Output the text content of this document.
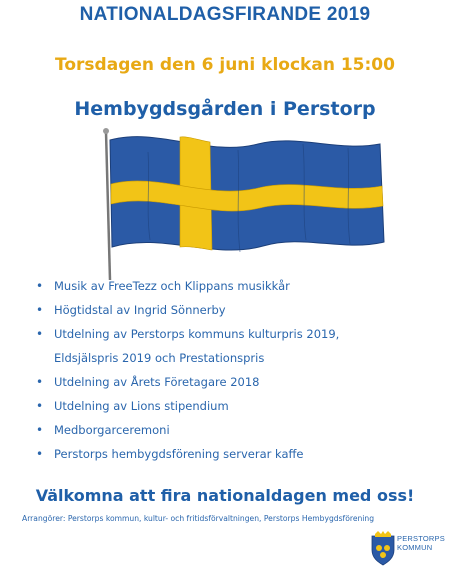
NATIONALDAGSFIRANDE 2019
Torsdagen den 6 juni klockan 15:00
Hembygdsgården i Perstorp
• Musik av FreeTezz och Klippans musikkår
• Högtidstal av Ingrid Sönnerby
• Utdelning av Perstorps kommuns kulturpris 2019,
Eldsjälspris 2019 och Prestationspris
• Utdelning av Årets Företagare 2018
• Utdelning av Lions stipendium
• Medborgarceremoni
• Perstorps hembygdsförening serverar kaffe
Välkomna att fira nationaldagen med oss!
Arrangörer: Perstorps kommun, kultur- och fritidsförvaltningen, Perstorps Hembygdsförening
PERSTORPS
KOMMUN
